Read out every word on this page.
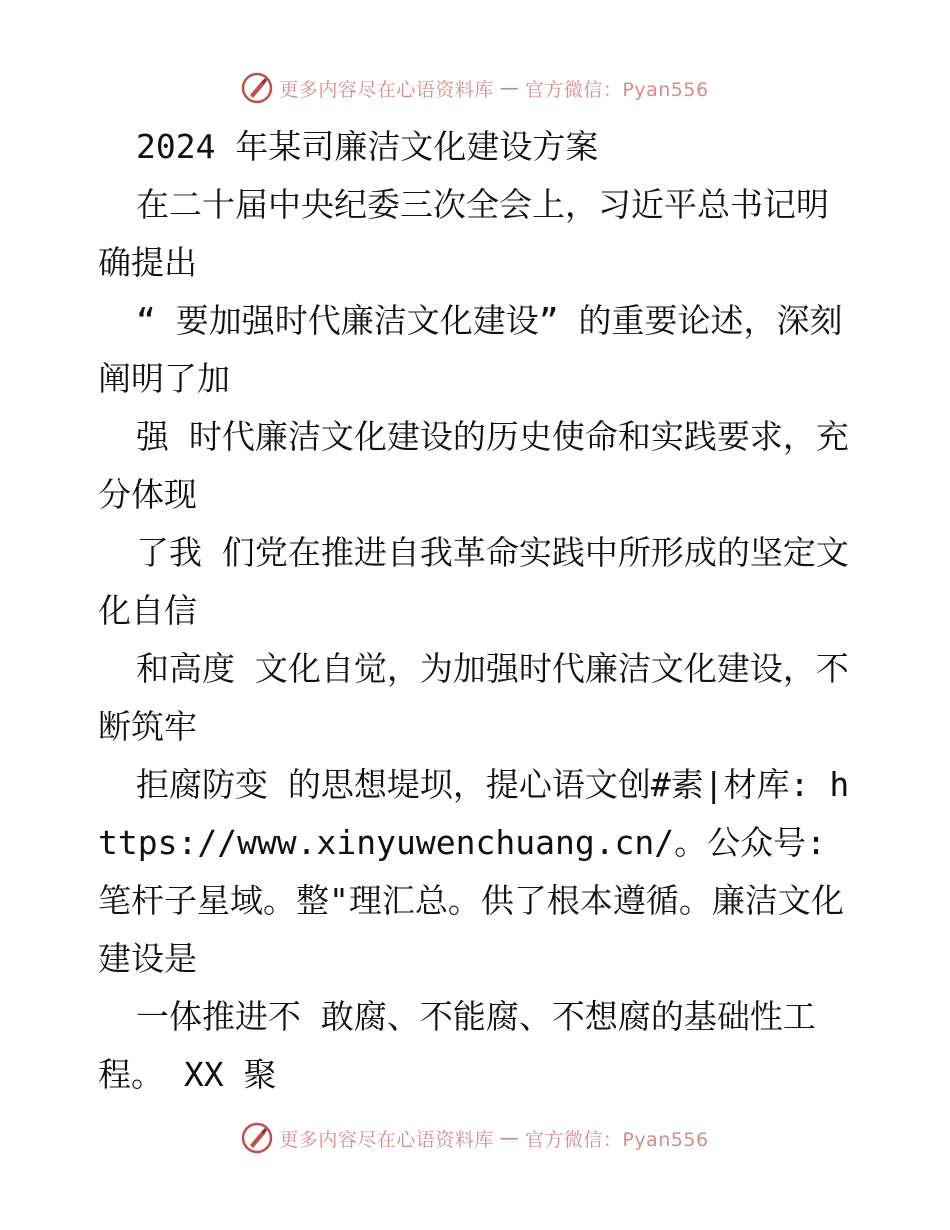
更多内容尽在心语资料库 — 官方微信：Pyan556

2024 年某司廉洁文化建设方案

在二十届中央纪委三次全会上，习近平总书记明确提出

“ 要加强时代廉洁文化建设” 的重要论述，深刻阐明了加

强 时代廉洁文化建设的历史使命和实践要求，充分体现

了我 们党在推进自我革命实践中所形成的坚定文化自信

和高度 文化自觉，为加强时代廉洁文化建设，不断筑牢

拒腐防变 的思想堤坝，提心语文创#素|材库: https://www.xinyuwenchuang.cn/。公众号: 笔杆子星域。整"理汇总。供了根本遵循。廉洁文化建设是

一体推进不 敢腐、不能腐、不想腐的基础性工程。 XX 聚

更多内容尽在心语资料库 — 官方微信：Pyan556
